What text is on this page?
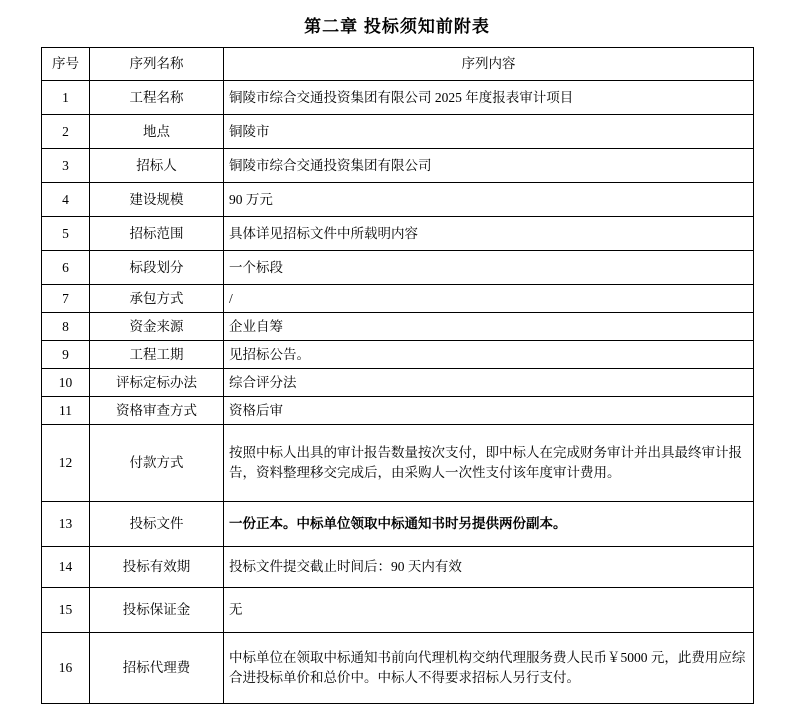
第二章 投标须知前附表
序号	序列名称	序列内容
1	工程名称	铜陵市综合交通投资集团有限公司 2025 年度报表审计项目
2	地点	铜陵市
3	招标人	铜陵市综合交通投资集团有限公司
4	建设规模	90 万元
5	招标范围	具体详见招标文件中所载明内容
6	标段划分	一个标段
7	承包方式	/
8	资金来源	企业自筹
9	工程工期	见招标公告。
10	评标定标办法	综合评分法
11	资格审查方式	资格后审
12	付款方式	按照中标人出具的审计报告数量按次支付，即中标人在完成财务审计并出具最终审计报告，资料整理移交完成后，由采购人一次性支付该年度审计费用。
13	投标文件	一份正本。中标单位领取中标通知书时另提供两份副本。
14	投标有效期	投标文件提交截止时间后：90 天内有效
15	投标保证金	无
16	招标代理费	中标单位在领取中标通知书前向代理机构交纳代理服务费人民币￥5000 元，此费用应综合进投标单价和总价中。中标人不得要求招标人另行支付。
